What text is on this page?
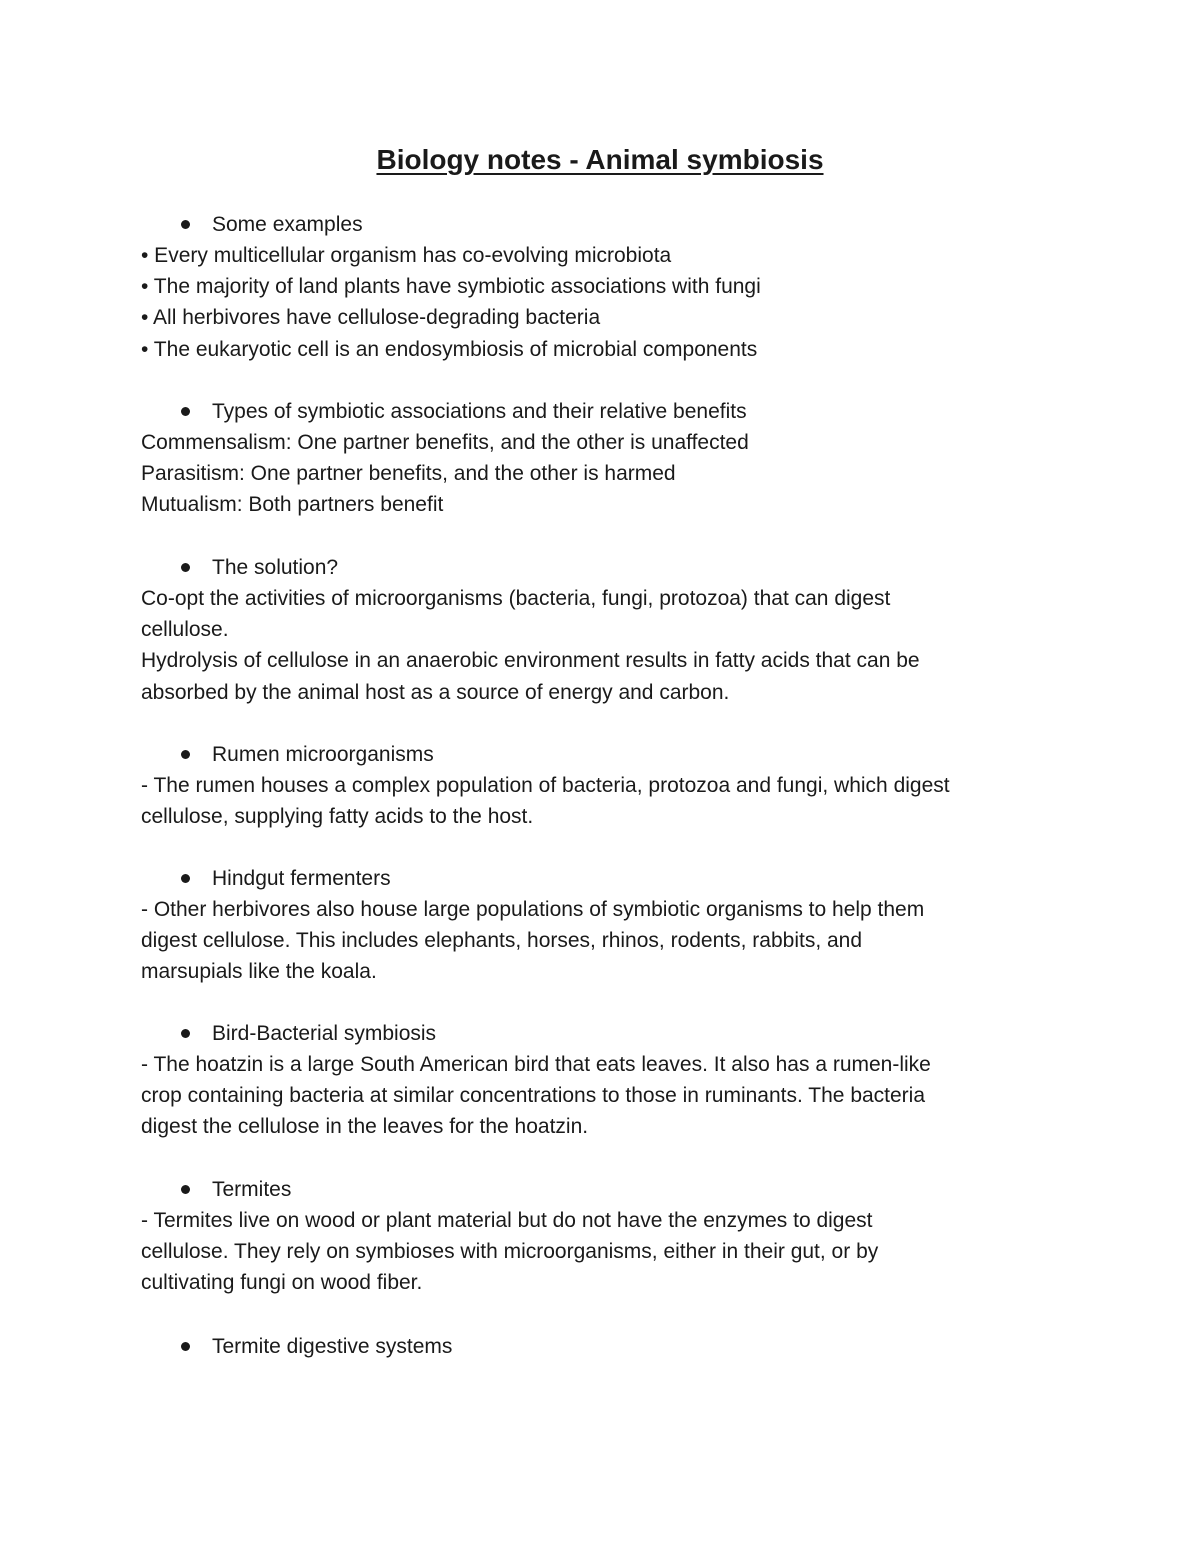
Biology notes - Animal symbiosis
Some examples
• Every multicellular organism has co-evolving microbiota
• The majority of land plants have symbiotic associations with fungi
• All herbivores have cellulose-degrading bacteria
• The eukaryotic cell is an endosymbiosis of microbial components
Types of symbiotic associations and their relative benefits
Commensalism: One partner benefits, and the other is unaffected
Parasitism: One partner benefits, and the other is harmed
Mutualism: Both partners benefit
The solution?
Co-opt the activities of microorganisms (bacteria, fungi, protozoa) that can digest
cellulose.
Hydrolysis of cellulose in an anaerobic environment results in fatty acids that can be
absorbed by the animal host as a source of energy and carbon.
Rumen microorganisms
- The rumen houses a complex population of bacteria, protozoa and fungi, which digest
cellulose, supplying fatty acids to the host.
Hindgut fermenters
- Other herbivores also house large populations of symbiotic organisms to help them
digest cellulose. This includes elephants, horses, rhinos, rodents, rabbits, and
marsupials like the koala.
Bird-Bacterial symbiosis
- The hoatzin is a large South American bird that eats leaves. It also has a rumen-like
crop containing bacteria at similar concentrations to those in ruminants. The bacteria
digest the cellulose in the leaves for the hoatzin.
Termites
- Termites live on wood or plant material but do not have the enzymes to digest
cellulose. They rely on symbioses with microorganisms, either in their gut, or by
cultivating fungi on wood fiber.
Termite digestive systems
